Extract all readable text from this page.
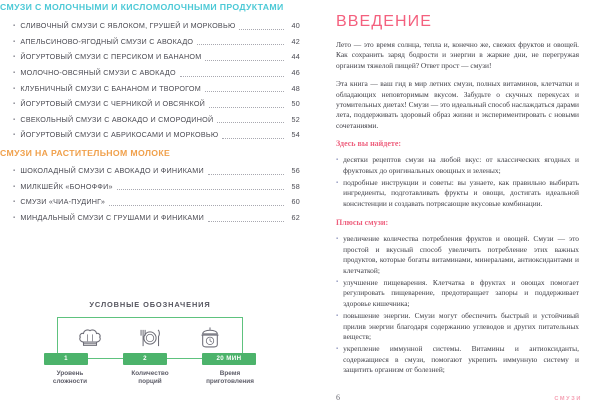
СМУЗИ С МОЛОЧНЫМИ И КИСЛОМОЛОЧНЫМИ ПРОДУКТАМИ
▪ СЛИВОЧНЫЙ СМУЗИ С ЯБЛОКОМ, ГРУШЕЙ И МОРКОВЬЮ	40
▪ АПЕЛЬСИНОВО-ЯГОДНЫЙ СМУЗИ С АВОКАДО	42
▪ ЙОГУРТОВЫЙ СМУЗИ С ПЕРСИКОМ И БАНАНОМ	44
▪ МОЛОЧНО-ОВСЯНЫЙ СМУЗИ С АВОКАДО	46
▪ КЛУБНИЧНЫЙ СМУЗИ С БАНАНОМ И ТВОРОГОМ	48
▪ ЙОГУРТОВЫЙ СМУЗИ С ЧЕРНИКОЙ И ОВСЯНКОЙ	50
▪ СВЕКОЛЬНЫЙ СМУЗИ С АВОКАДО И СМОРОДИНОЙ	52
▪ ЙОГУРТОВЫЙ СМУЗИ С АБРИКОСАМИ И МОРКОВЬЮ	54
СМУЗИ НА РАСТИТЕЛЬНОМ МОЛОКЕ
▪ ШОКОЛАДНЫЙ СМУЗИ С АВОКАДО И ФИНИКАМИ	56
▪ МИЛКШЕЙК «БОНОФФИ»	58
▪ СМУЗИ «ЧИА-ПУДИНГ»	60
▪ МИНДАЛЬНЫЙ СМУЗИ С ГРУШАМИ И ФИНИКАМИ	62
УСЛОВНЫЕ ОБОЗНАЧЕНИЯ
1	2	20 МИН
Уровень
сложности
Количество
порций
Время
приготовления
ВВЕДЕНИЕ

Лето — это время солнца, тепла и, конечно же, свежих фруктов и овощей. Как сохранить заряд бодрости и энергии в жаркие дни, не перегружая организм тяжелой пищей? Ответ прост — смузи!

Эта книга — ваш гид в мир летних смузи, полных витаминов, клетчатки и обладающих неповторимым вкусом. Забудьте о скучных перекусах и утомительных диетах! Смузи — это идеальный способ наслаждаться дарами лета, поддерживать здоровый образ жизни и экспериментировать с новыми сочетаниями.

Здесь вы найдете:
▪ десятки рецептов смузи на любой вкус: от классических ягодных и фруктовых до оригинальных овощных и зеленых;
▪ подробные инструкции и советы: вы узнаете, как правильно выбирать ингредиенты, подготавливать фрукты и овощи, достигать идеальной консистенции и создавать потрясающие вкусовые комбинации.
Плюсы смузи:
▪ увеличение количества потребления фруктов и овощей. Смузи — это простой и вкусный способ увеличить потребление этих важных продуктов, которые богаты витаминами, минералами, антиоксидантами и клетчаткой;
▪ улучшение пищеварения. Клетчатка в фруктах и овощах помогает регулировать пищеварение, предотвращает запоры и поддерживает здоровье кишечника;
▪ повышение энергии. Смузи могут обеспечить быстрый и устойчивый прилив энергии благодаря содержанию углеводов и других питательных веществ;
▪ укрепление иммунной системы. Витамины и антиоксиданты, содержащиеся в смузи, помогают укрепить иммунную систему и защитить организм от болезней;
6	СМУЗИ
